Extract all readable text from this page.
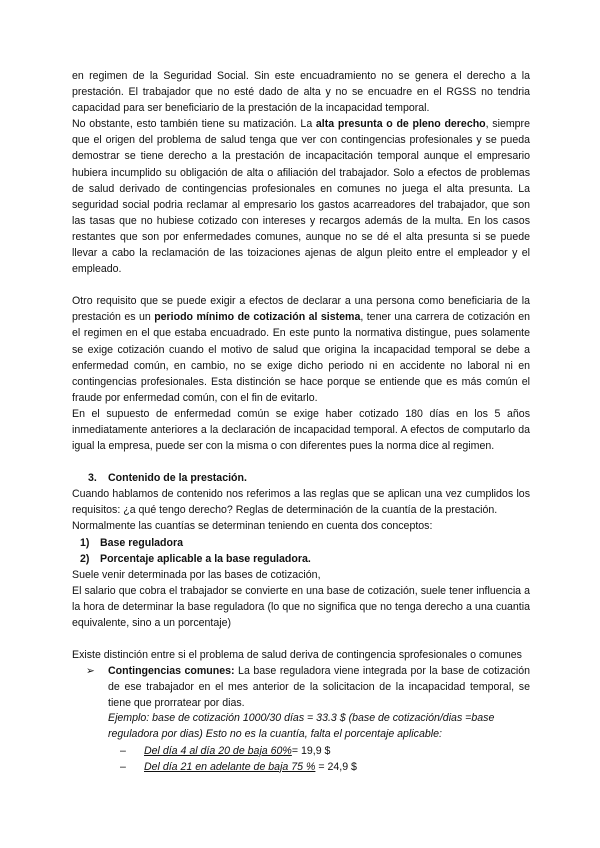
en regimen de la Seguridad Social. Sin este encuadramiento no se genera el derecho a la prestación. El trabajador que no esté dado de alta y no se encuadre en el RGSS no tendria capacidad para ser beneficiario de la prestación de la incapacidad temporal.

No obstante, esto también tiene su matización. La alta presunta o de pleno derecho, siempre que el origen del problema de salud tenga que ver con contingencias profesionales y se pueda demostrar se tiene derecho a la prestación de incapacitación temporal aunque el empresario hubiera incumplido su obligación de alta o afiliación del trabajador. Solo a efectos de problemas de salud derivado de contingencias profesionales en comunes no juega el alta presunta. La seguridad social podria reclamar al empresario los gastos acarreadores del trabajador, que son las tasas que no hubiese cotizado con intereses y recargos además de la multa. En los casos restantes que son por enfermedades comunes, aunque no se dé el alta presunta si se puede llevar a cabo la reclamación de las toizaciones ajenas de algun pleito entre el empleador y el empleado.

Otro requisito que se puede exigir a efectos de declarar a una persona como beneficiaria de la prestación es un periodo mínimo de cotización al sistema, tener una carrera de cotización en el regimen en el que estaba encuadrado. En este punto la normativa distingue, pues solamente se exige cotización cuando el motivo de salud que origina la incapacidad temporal se debe a enfermedad común, en cambio, no se exige dicho periodo ni en accidente no laboral ni en contingencias profesionales. Esta distinción se hace porque se entiende que es más común el fraude por enfermedad común, con el fin de evitarlo.

En el supuesto de enfermedad común se exige haber cotizado 180 días en los 5 años inmediatamente anteriores a la declaración de incapacidad temporal. A efectos de computarlo da igual la empresa, puede ser con la misma o con diferentes pues la norma dice al regimen.

3. Contenido de la prestación.

Cuando hablamos de contenido nos referimos a las reglas que se aplican una vez cumplidos los requisitos: ¿a qué tengo derecho? Reglas de determinación de la cuantía de la prestación.

Normalmente las cuantías se determinan teniendo en cuenta dos conceptos:

1) Base reguladora
2) Porcentaje aplicable a la base reguladora.

Suele venir determinada por las bases de cotización,

El salario que cobra el trabajador se convierte en una base de cotización, suele tener influencia a la hora de determinar la base reguladora (lo que no significa que no tenga derecho a una cuantia equivalente, sino a un porcentaje)

Existe distinción entre si el problema de salud deriva de contingencia sprofesionales o comunes

➢ Contingencias comunes: La base reguladora viene integrada por la base de cotización de ese trabajador en el mes anterior de la solicitacion de la incapacidad temporal, se tiene que prorratear por dias.
Ejemplo: base de cotización 1000/30 días = 33.3 $ (base de cotización/dias =base reguladora por dias) Esto no es la cuantía, falta el porcentaje aplicable:
– Del día 4 al día 20 de baja 60%= 19,9 $
– Del día 21 en adelante de baja 75 % = 24,9 $
